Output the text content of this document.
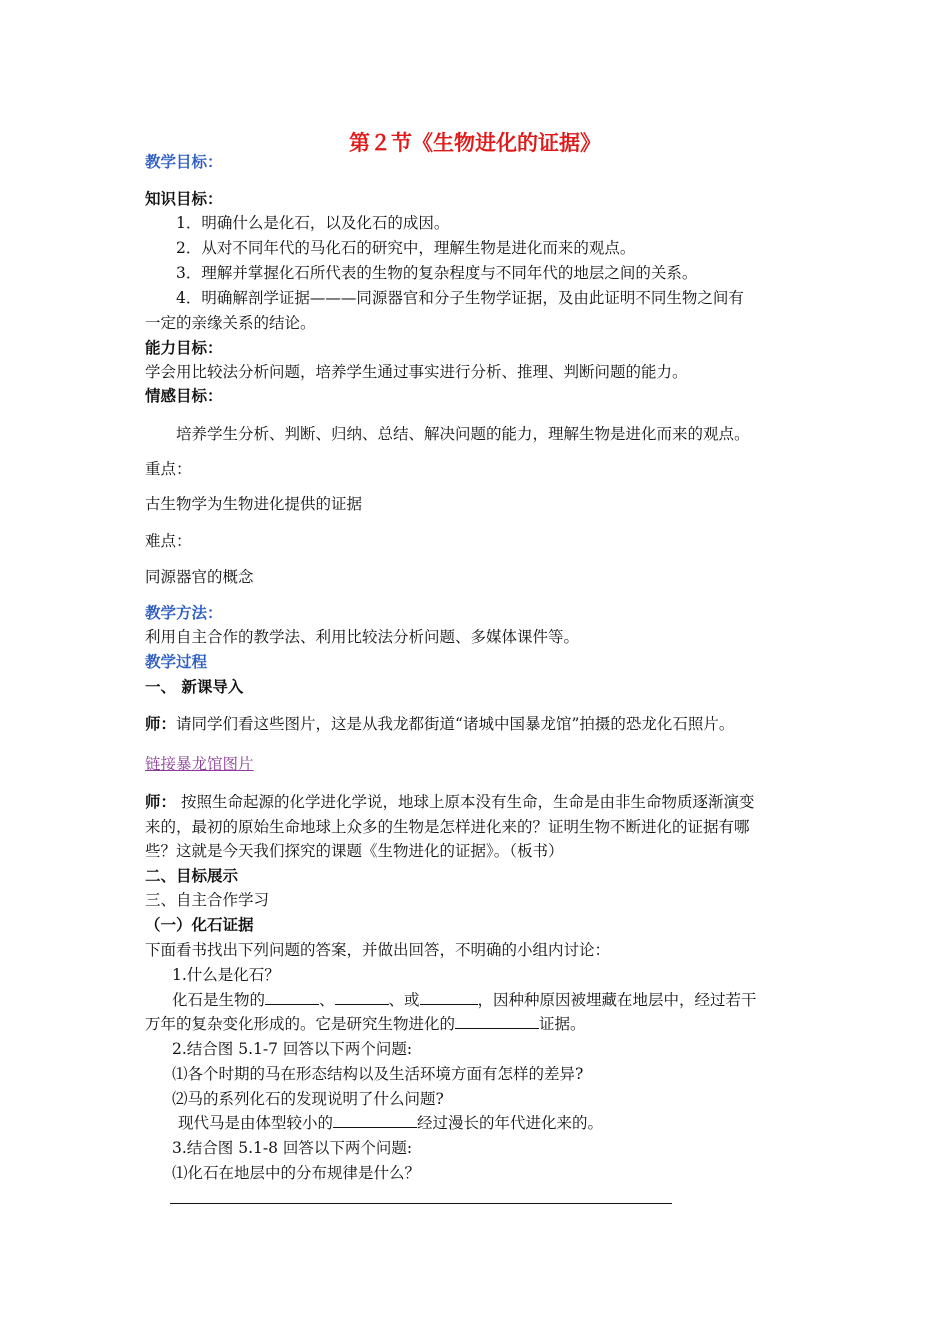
第２节《生物进化的证据》
教学目标：
知识目标：
1．明确什么是化石，以及化石的成因。
2．从对不同年代的马化石的研究中，理解生物是进化而来的观点。
3．理解并掌握化石所代表的生物的复杂程度与不同年代的地层之间的关系。
4．明确解剖学证据———同源器官和分子生物学证据，及由此证明不同生物之间有
一定的亲缘关系的结论。
能力目标：
学会用比较法分析问题，培养学生通过事实进行分析、推理、判断问题的能力。
情感目标：
培养学生分析、判断、归纳、总结、解决问题的能力，理解生物是进化而来的观点。
重点：
古生物学为生物进化提供的证据
难点：
同源器官的概念
教学方法：
利用自主合作的教学法、利用比较法分析问题、多媒体课件等。
教学过程
一、 新课导入
师：请同学们看这些图片，这是从我龙都街道“诸城中国暴龙馆”拍摄的恐龙化石照片。
链接暴龙馆图片
师： 按照生命起源的化学进化学说，地球上原本没有生命，生命是由非生命物质逐渐演变
来的，最初的原始生命地球上众多的生物是怎样进化来的？证明生物不断进化的证据有哪
些？这就是今天我们探究的课题《生物进化的证据》。（板书）
二、目标展示
三、自主合作学习
（一）化石证据
下面看书找出下列问题的答案，并做出回答，不明确的小组内讨论：
1.什么是化石？
化石是生物的	、	、或	，因种种原因被埋藏在地层中，经过若干
万年的复杂变化形成的。它是研究生物进化的	证据。
2.结合图 5.1-7 回答以下两个问题:
⑴各个时期的马在形态结构以及生活环境方面有怎样的差异?
⑵马的系列化石的发现说明了什么问题?
现代马是由体型较小的	经过漫长的年代进化来的。
3.结合图 5.1-8 回答以下两个问题:
⑴化石在地层中的分布规律是什么？
